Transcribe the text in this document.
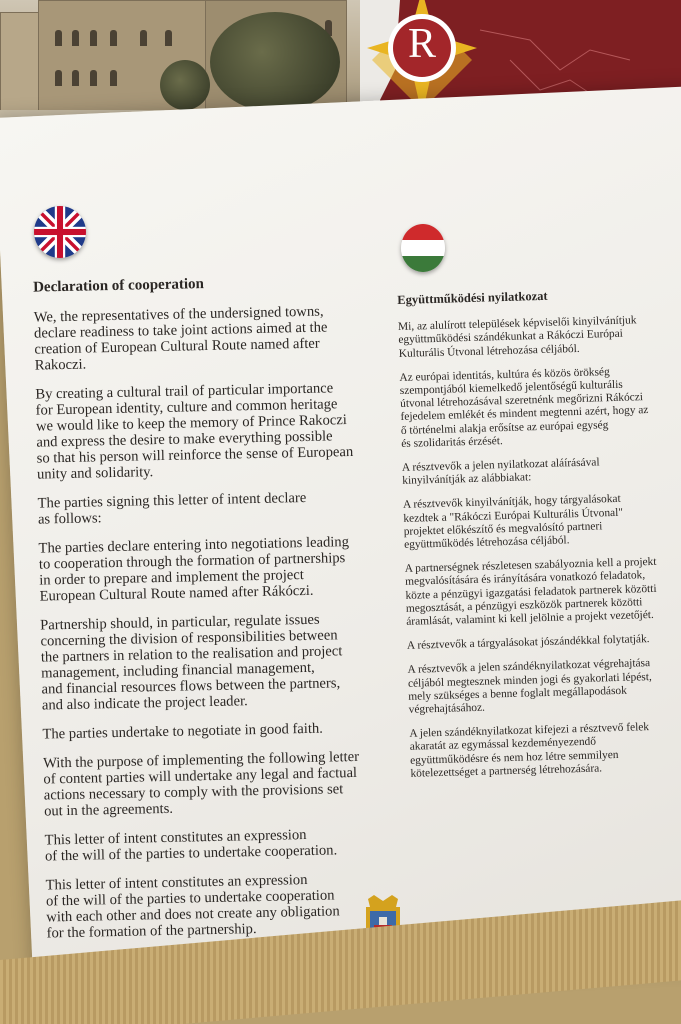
R
Declaration of cooperation

We, the representatives of the undersigned towns,
declare readiness to take joint actions aimed at the
creation of European Cultural Route named after
Rakoczi.

By creating a cultural trail of particular importance
for European identity, culture and common heritage
we would like to keep the memory of Prince Rakoczi
and express the desire to make everything possible
so that his person will reinforce the sense of European
unity and solidarity.

The parties signing this letter of intent declare
as follows:

The parties declare entering into negotiations leading
to cooperation through the formation of partnerships
in order to prepare and implement the project
European Cultural Route named after Rákóczi.

Partnership should, in particular, regulate issues
concerning the division of responsibilities between
the partners in relation to the realisation and project
management, including financial management,
and financial resources flows between the partners,
and also indicate the project leader.

The parties undertake to negotiate in good faith.

With the purpose of implementing the following letter
of content parties will undertake any legal and factual
actions necessary to comply with the provisions set
out in the agreements.

This letter of intent constitutes an expression
of the will of the parties to undertake cooperation.

This letter of intent constitutes an expression
of the will of the parties to undertake cooperation
with each other and does not create any obligation
for the formation of the partnership.

Együttműködési nyilatkozat

Mi, az alulírott települések képviselői kinyilvánítjuk
együttműködési szándékunkat a Rákóczi Európai
Kulturális Útvonal létrehozása céljából.

Az európai identitás, kultúra és közös örökség
szempontjából kiemelkedő jelentőségű kulturális
útvonal létrehozásával szeretnénk megőrizni Rákóczi
fejedelem emlékét és mindent megtenni azért, hogy az
ő történelmi alakja erősítse az európai egység
és szolidaritás érzését.

A résztvevők a jelen nyilatkozat aláírásával
kinyilvánítják az alábbiakat:

A résztvevők kinyilvánítják, hogy tárgyalásokat
kezdtek a "Rákóczi Európai Kulturális Útvonal"
projektet előkészítő és megvalósító partneri
együttműködés létrehozása céljából.

A partnerségnek részletesen szabályoznia kell a projekt
megvalósítására és irányítására vonatkozó feladatok,
közte a pénzügyi igazgatási feladatok partnerek közötti
megosztását, a pénzügyi eszközök partnerek közötti
áramlását, valamint ki kell jelölnie a projekt vezetőjét.

A résztvevők a tárgyalásokat jószándékkal folytatják.

A résztvevők a jelen szándéknyilatkozat végrehajtása
céljából megtesznek minden jogi és gyakorlati lépést,
mely szükséges a benne foglalt megállapodások
végrehajtásához.

A jelen szándéknyilatkozat kifejezi a résztvevő felek
akaratát az egymással kezdeményezendő
együttműködésre és nem hoz létre semmilyen
kötelezettséget a partnerség létrehozására.
